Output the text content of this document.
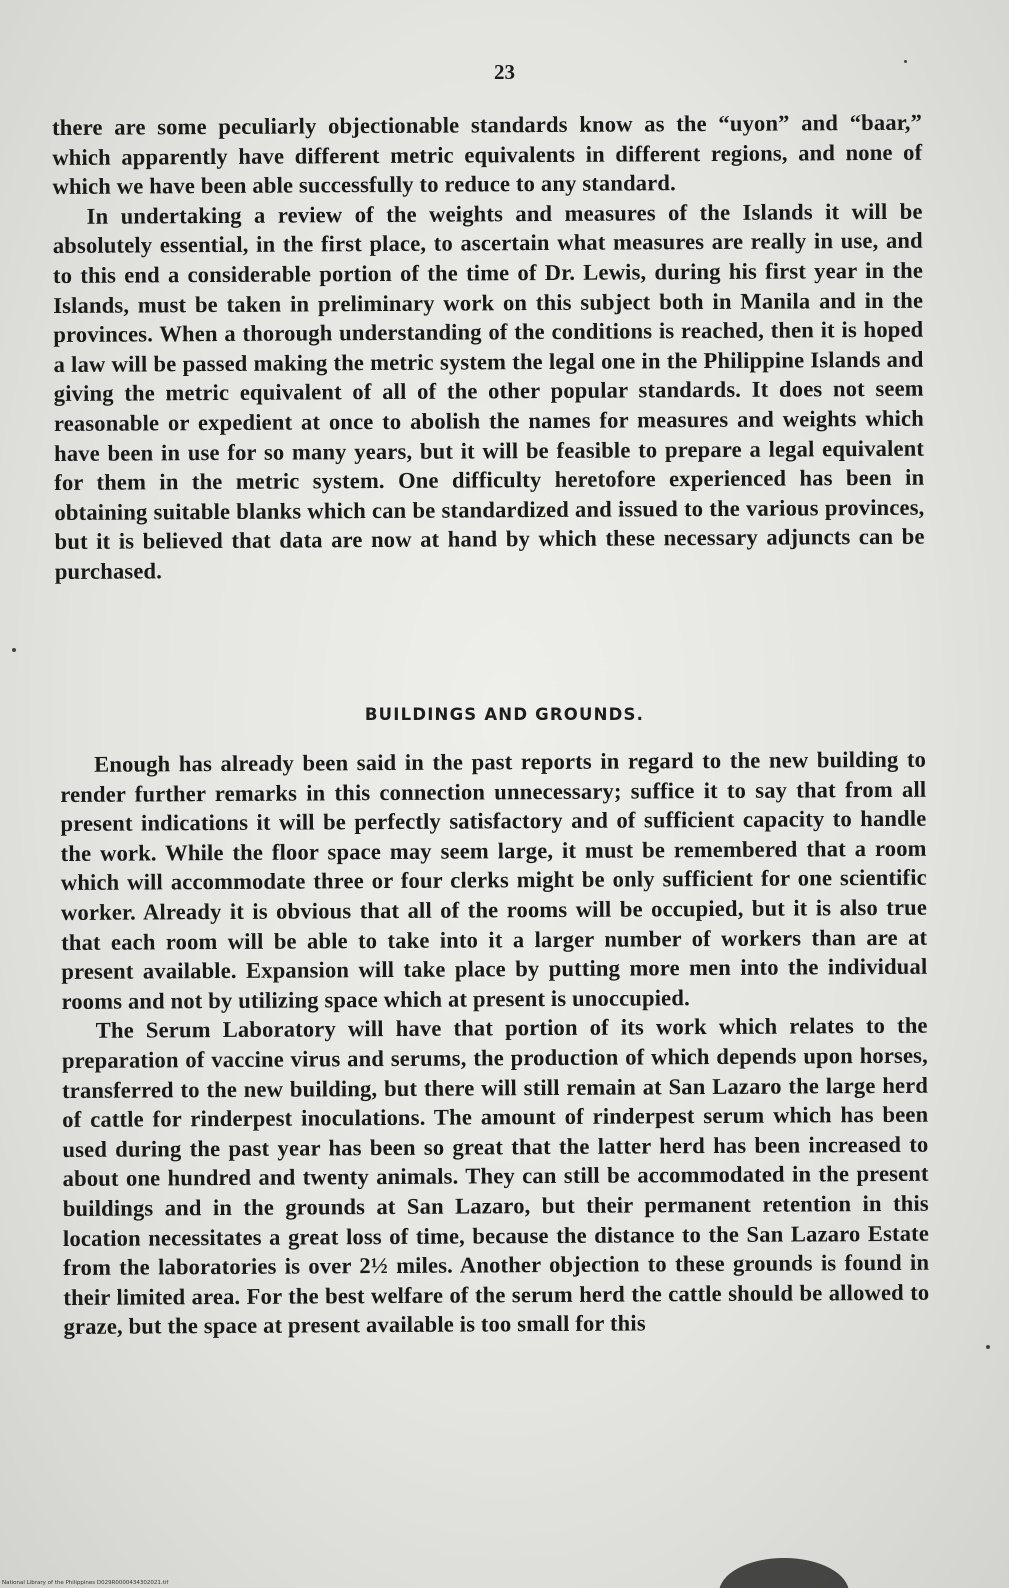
23

there are some peculiarly objectionable standards know as the “uyon” and “baar,” which apparently have different metric equivalents in different regions, and none of which we have been able successfully to reduce to any standard.

In undertaking a review of the weights and measures of the Islands it will be absolutely essential, in the first place, to ascertain what measures are really in use, and to this end a considerable portion of the time of Dr. Lewis, during his first year in the Islands, must be taken in preliminary work on this subject both in Manila and in the provinces. When a thorough understanding of the conditions is reached, then it is hoped a law will be passed making the metric system the legal one in the Philippine Islands and giving the metric equivalent of all of the other popular standards. It does not seem reasonable or expedient at once to abolish the names for measures and weights which have been in use for so many years, but it will be feasible to prepare a legal equivalent for them in the metric system. One difficulty heretofore experienced has been in obtaining suitable blanks which can be standardized and issued to the various provinces, but it is believed that data are now at hand by which these necessary adjuncts can be purchased.

BUILDINGS AND GROUNDS.

Enough has already been said in the past reports in regard to the new building to render further remarks in this connection unnecessary; suffice it to say that from all present indications it will be perfectly satisfactory and of sufficient capacity to handle the work. While the floor space may seem large, it must be remembered that a room which will accommodate three or four clerks might be only sufficient for one scientific worker. Already it is obvious that all of the rooms will be occupied, but it is also true that each room will be able to take into it a larger number of workers than are at present available. Expansion will take place by putting more men into the individual rooms and not by utilizing space which at present is unoccupied.

The Serum Laboratory will have that portion of its work which relates to the preparation of vaccine virus and serums, the production of which depends upon horses, transferred to the new building, but there will still remain at San Lazaro the large herd of cattle for rinderpest inoculations. The amount of rinderpest serum which has been used during the past year has been so great that the latter herd has been increased to about one hundred and twenty animals. They can still be accommodated in the present buildings and in the grounds at San Lazaro, but their permanent retention in this location necessitates a great loss of time, because the distance to the San Lazaro Estate from the laboratories is over 2½ miles. Another objection to these grounds is found in their limited area. For the best welfare of the serum herd the cattle should be allowed to graze, but the space at present available is too small for this

National Library of the Philippines D029R0000434302021.tif
